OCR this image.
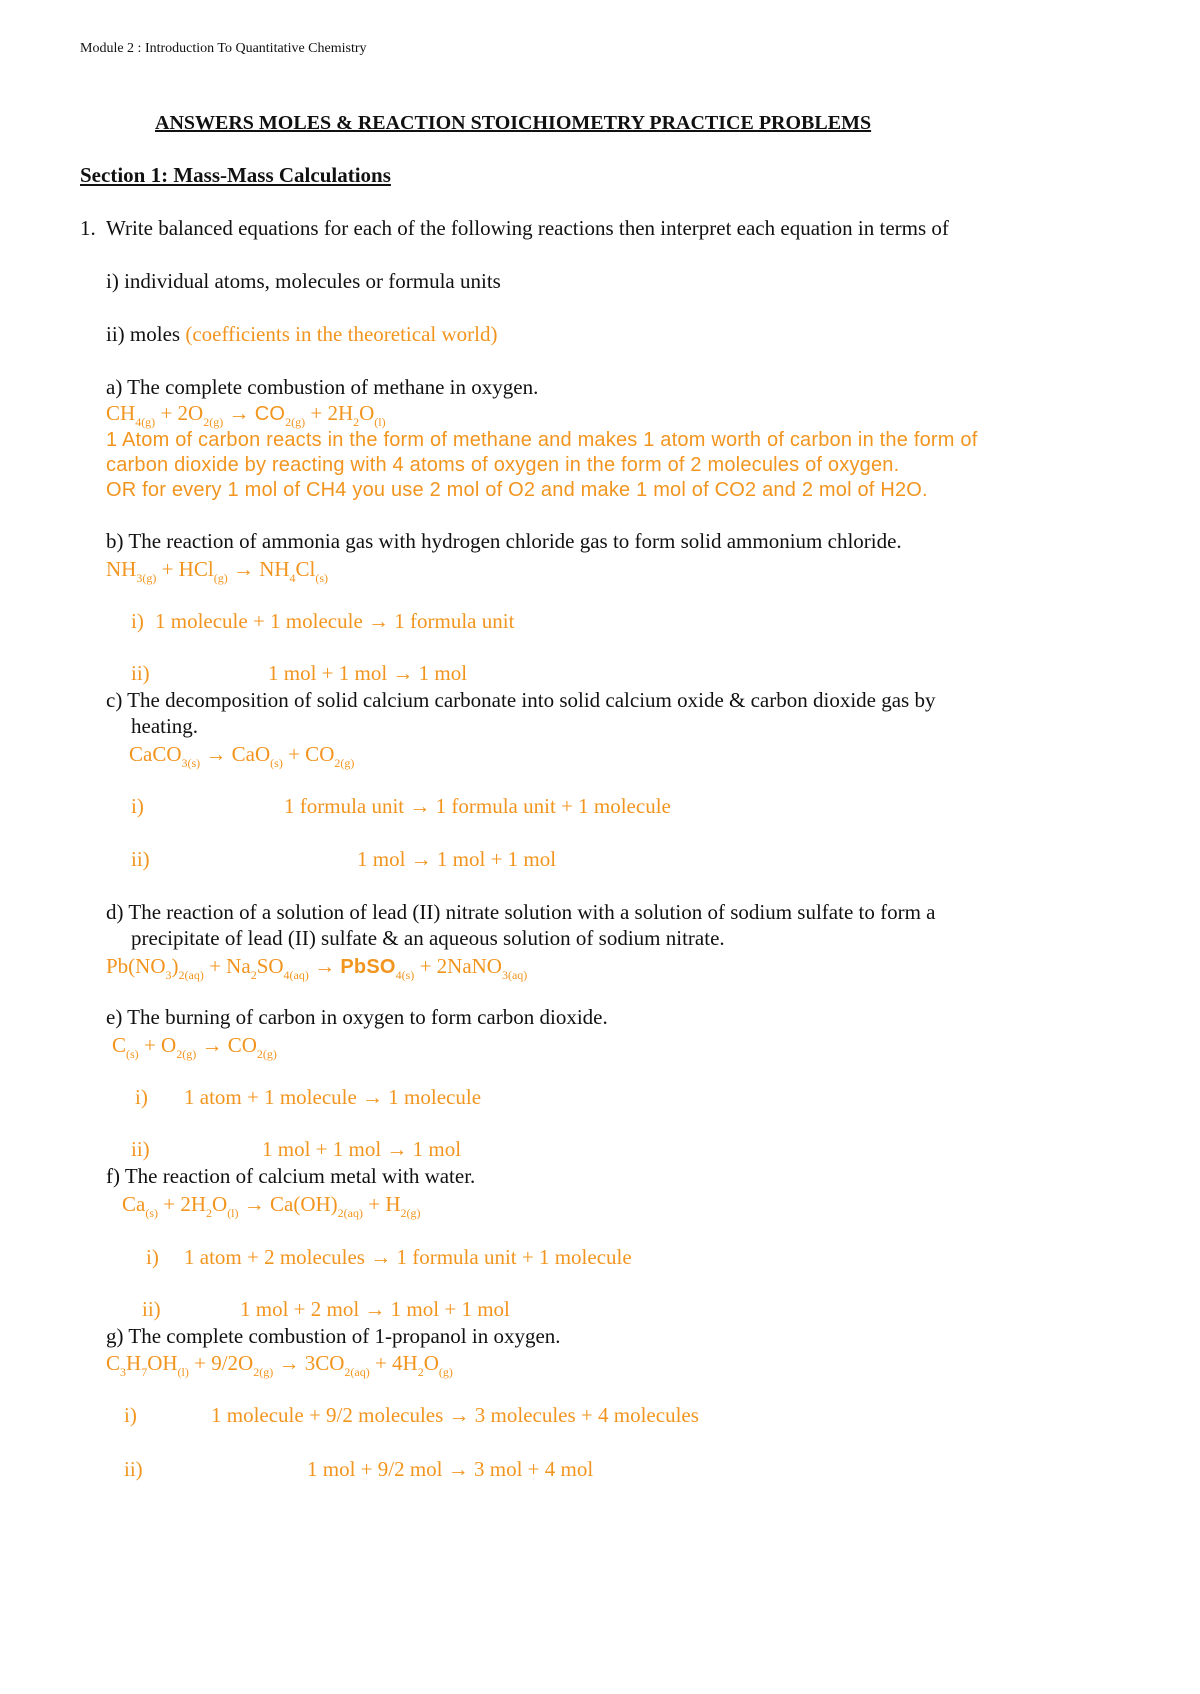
Module 2 : Introduction To Quantitative Chemistry
ANSWERS MOLES & REACTION STOICHIOMETRY PRACTICE PROBLEMS
Section 1: Mass-Mass Calculations
1. Write balanced equations for each of the following reactions then interpret each equation in terms of
i) individual atoms, molecules or formula units
ii) moles (coefficients in the theoretical world)
a) The complete combustion of methane in oxygen.
$CH_{4(g)} + 2O_{2(g)} \to CO_{2(g)} + 2H_2O_{(l)}$
1 Atom of carbon reacts in the form of methane and makes 1 atom worth of carbon in the form of
carbon dioxide by reacting with 4 atoms of oxygen in the form of 2 molecules of oxygen.
OR for every 1 mol of CH4 you use 2 mol of O2 and make 1 mol of CO2 and 2 mol of H2O.
b) The reaction of ammonia gas with hydrogen chloride gas to form solid ammonium chloride.
$NH_{3(g)} + HCl_{(g)} \to NH_4Cl_{(s)}$
i) 1 molecule + 1 molecule → 1 formula unit
ii)	1 mol + 1 mol → 1 mol
c) The decomposition of solid calcium carbonate into solid calcium oxide & carbon dioxide gas by
heating.
CaCO$_{3(s)}$ → $CaO_{(s)} + CO_{2(g)}$
i)	1 formula unit → 1 formula unit + 1 molecule
ii)	1 mol → 1 mol + 1 mol
d) The reaction of a solution of lead (II) nitrate solution with a solution of sodium sulfate to form a
precipitate of lead (II) sulfate & an aqueous solution of sodium nitrate.
$Pb(NO_3)_{2(aq)} + Na_2SO_{4(aq)}$ → PbSO$_{4(s)}$ + 2NaNO$_{3(aq)}$
e) The burning of carbon in oxygen to form carbon dioxide.
$C_{(s)} + O_{2(g)} \to CO_{2(g)}$
i) 1 atom + 1 molecule → 1 molecule
ii)	1 mol + 1 mol → 1 mol
f) The reaction of calcium metal with water.
$Ca_{(s)} + 2H_2O_{(l)} \to Ca(OH)_{2(aq)} + H_{2(g)}$
i) 1 atom + 2 molecules → 1 formula unit + 1 molecule
ii)	1 mol + 2 mol → 1 mol + 1 mol
g) The complete combustion of 1-propanol in oxygen.
$C_3H_7OH_{(l)} + 9/2O_{2(g)} \to 3CO_{2(aq)} + 4H_2O_{(g)}$
i)	1 molecule + 9/2 molecules → 3 molecules + 4 molecules
ii)	1 mol + 9/2 mol → 3 mol + 4 mol
